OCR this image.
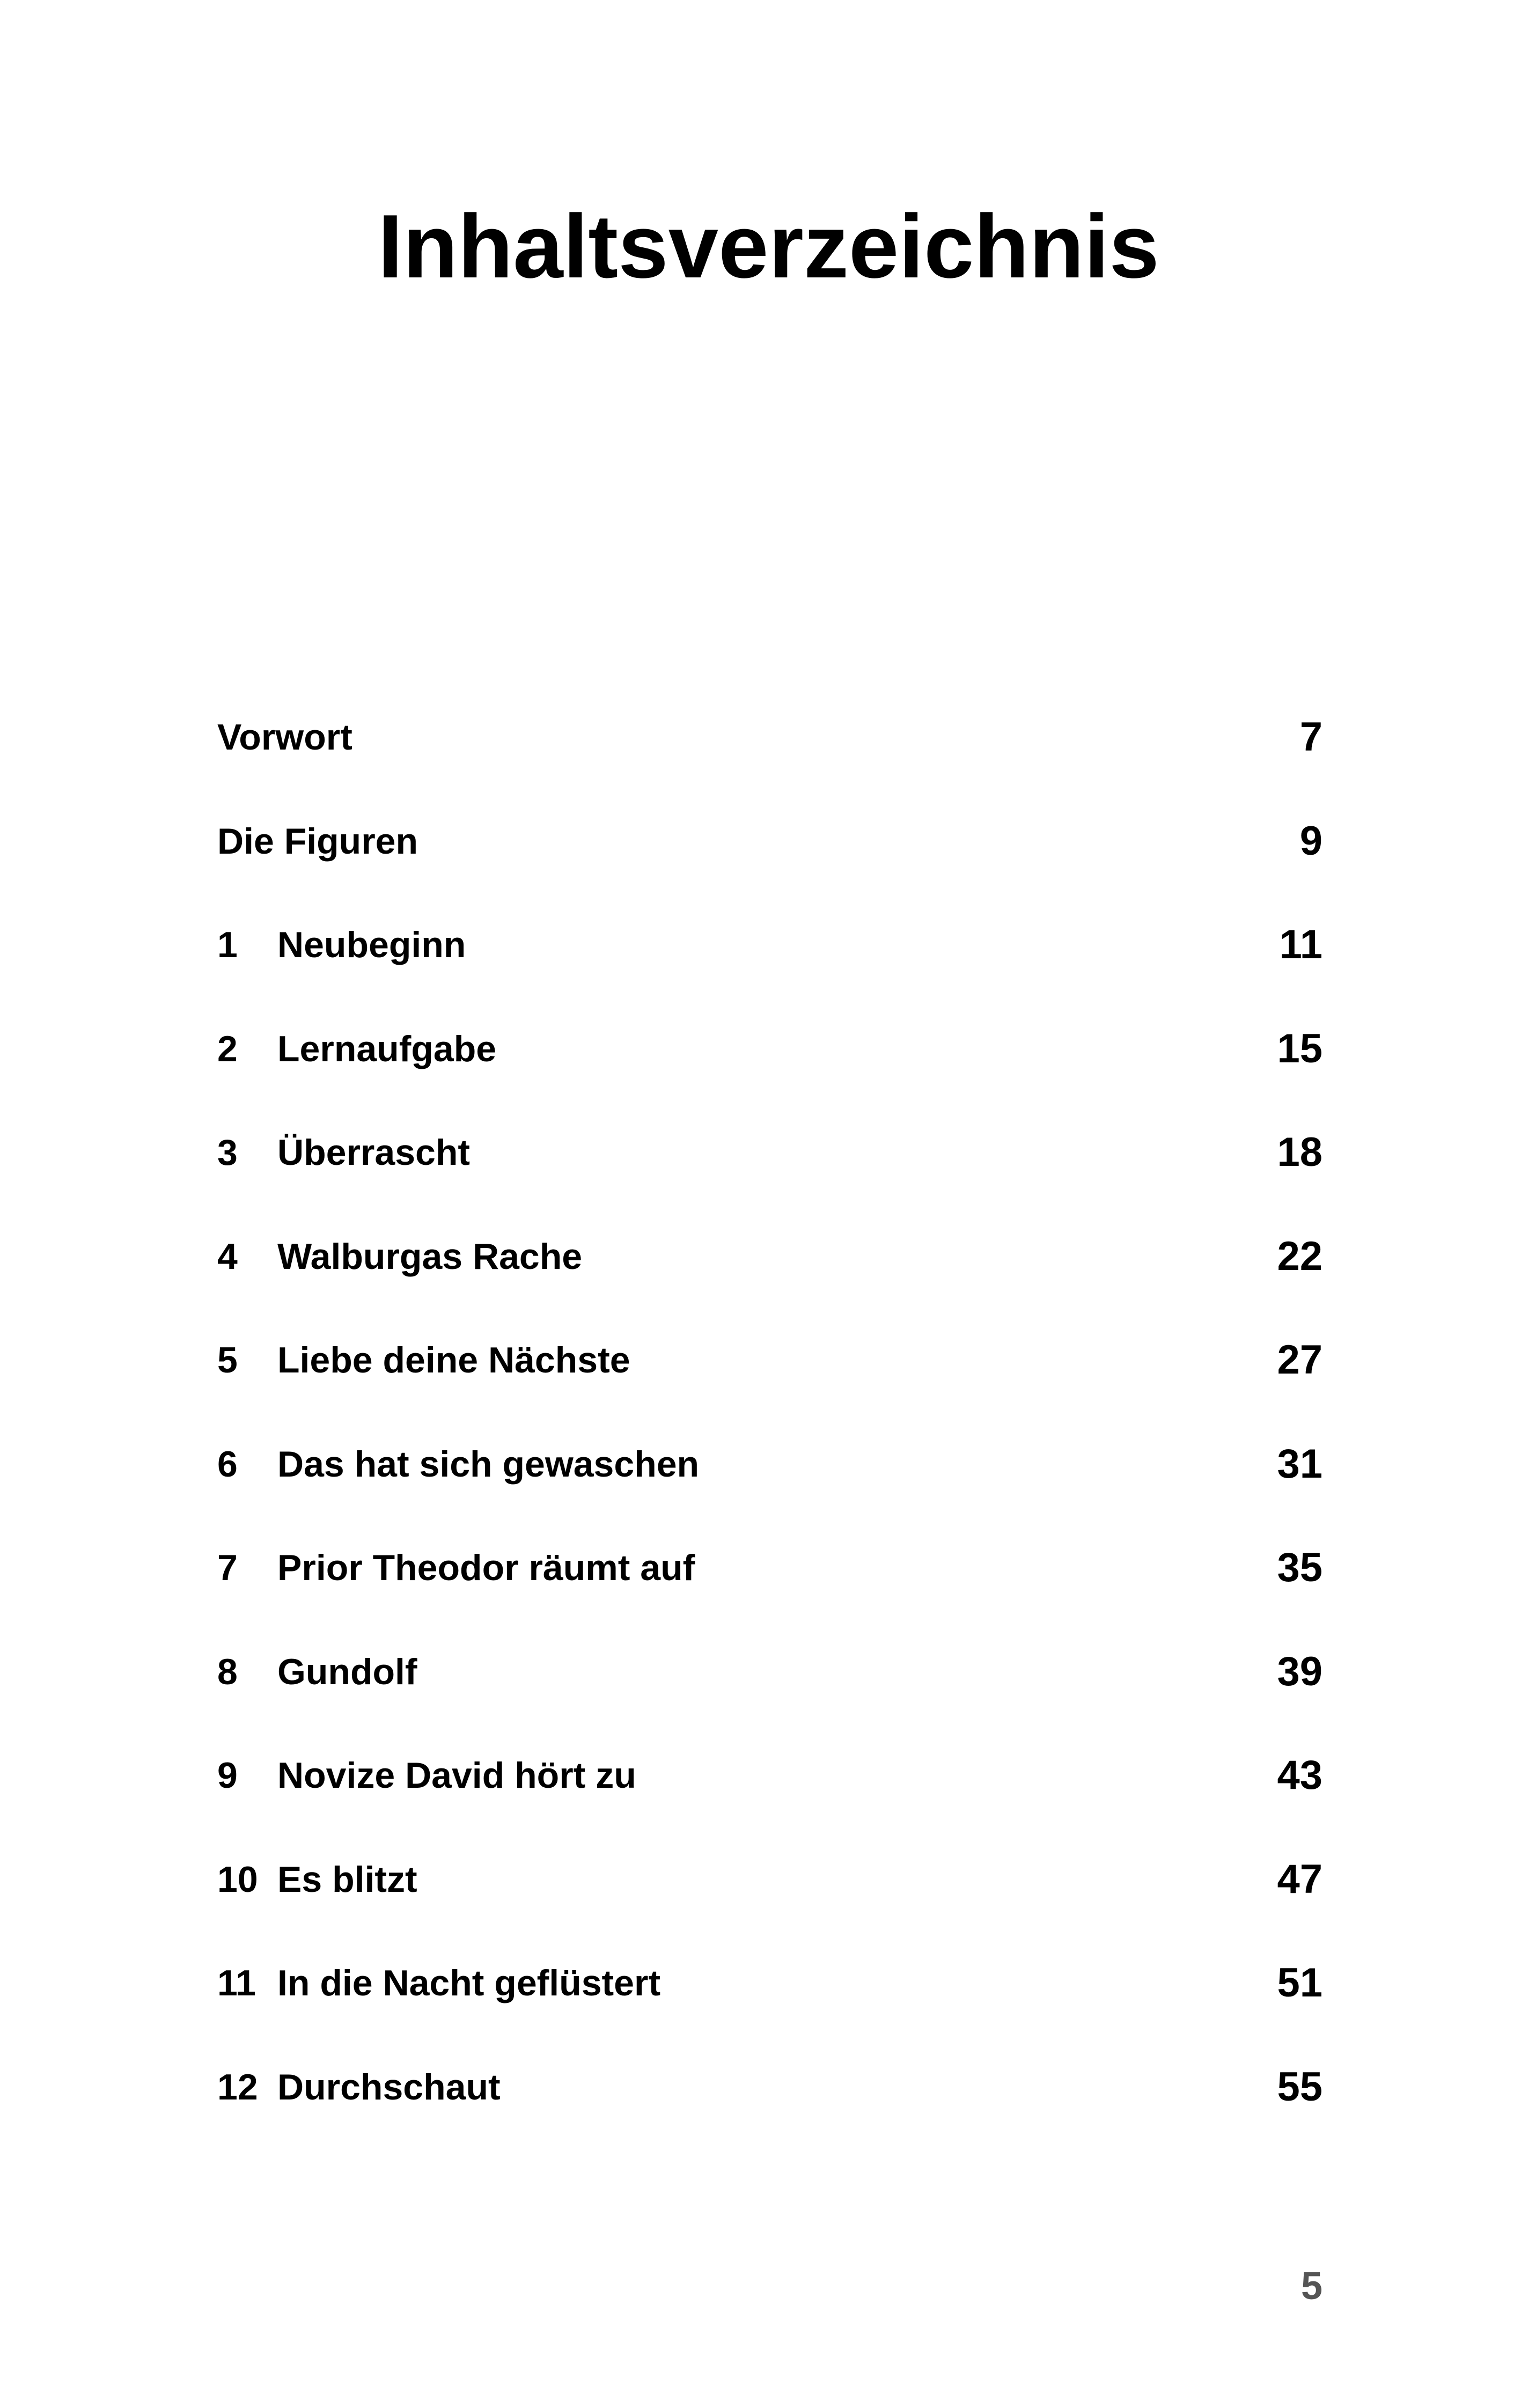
Inhaltsverzeichnis
Vorwort	7
Die Figuren	9
1	Neubeginn	11
2	Lernaufgabe	15
3	Überrascht	18
4	Walburgas Rache	22
5	Liebe deine Nächste	27
6	Das hat sich gewaschen	31
7	Prior Theodor räumt auf	35
8	Gundolf	39
9	Novize David hört zu	43
10 Es blitzt	47
11 In die Nacht geflüstert	51
12 Durchschaut	55
5
